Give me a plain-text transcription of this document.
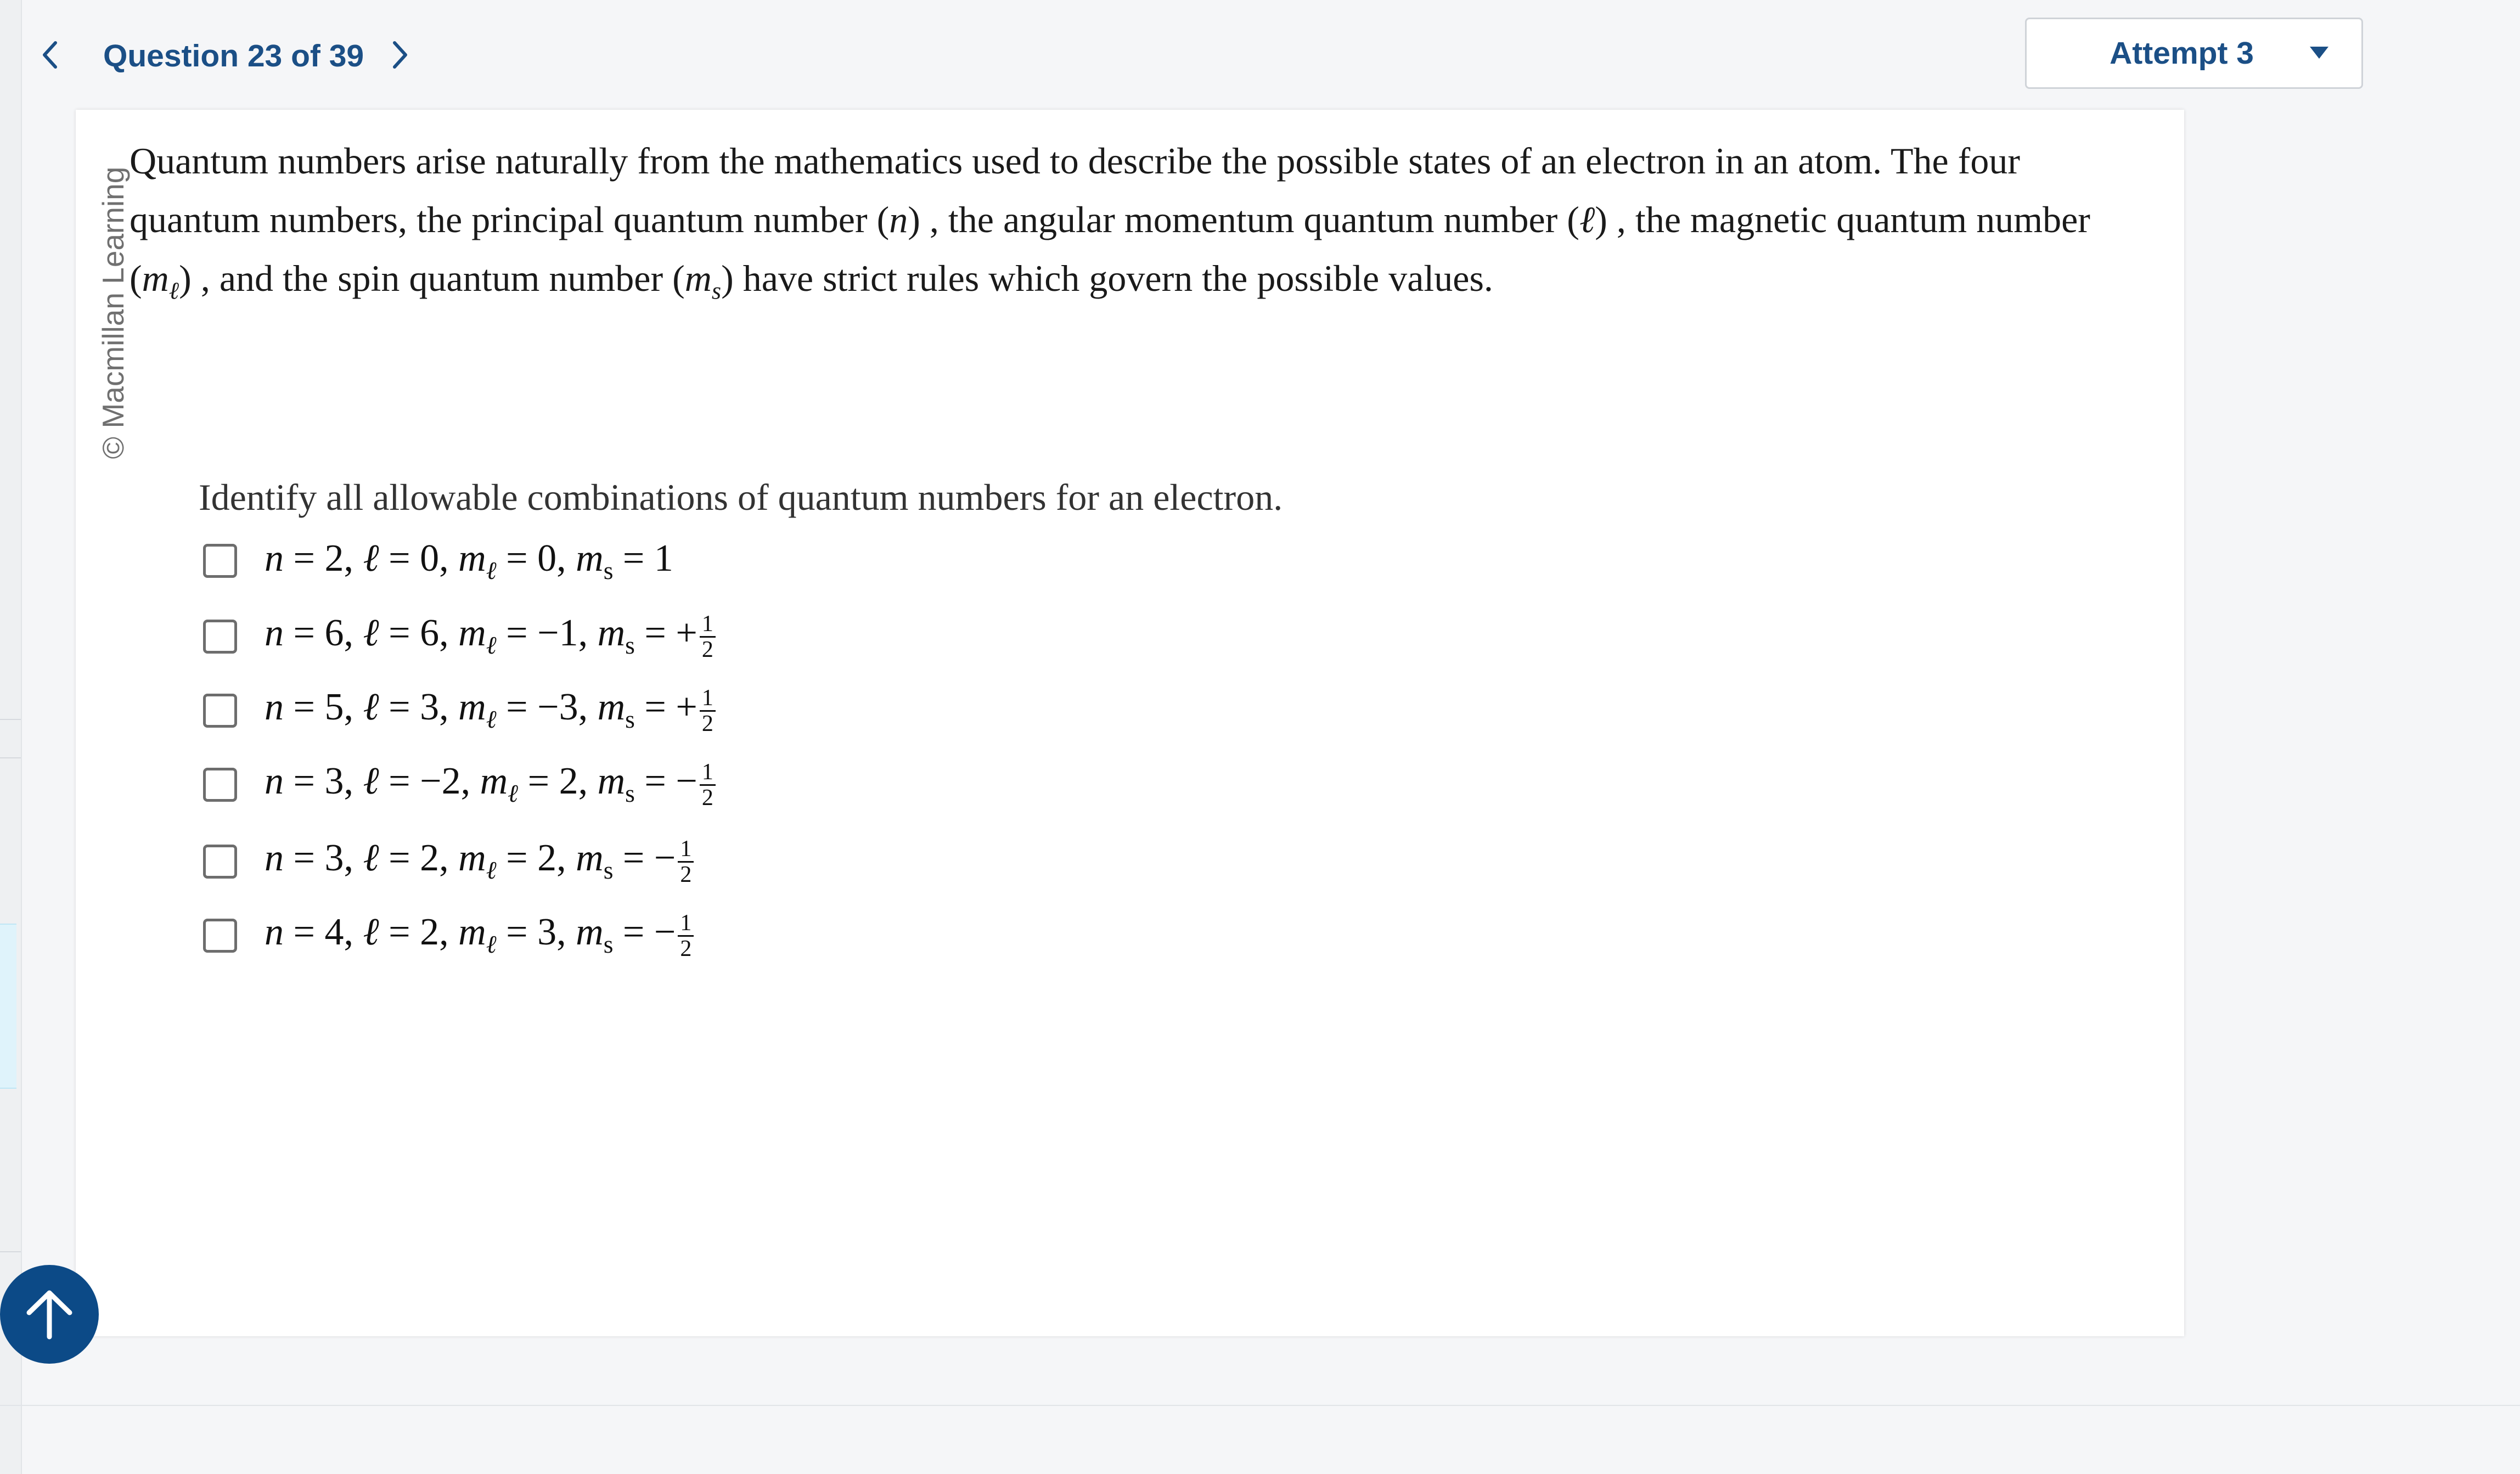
Question 23 of 39	Attempt 3
© Macmillan Learning
Quantum numbers arise naturally from the mathematics used to describe the possible states of an electron in an atom. The four quantum numbers, the principal quantum number (n) , the angular momentum quantum number (ℓ) , the magnetic quantum number $(m_\ell)$ , and the spin quantum number $(m_s)$ have strict rules which govern the possible values.
Identify all allowable combinations of quantum numbers for an electron.
n = 2, ℓ = 0, $m_\ell = 0$, $m_s = 1$
n = 6, ℓ = 6, $m_\ell = -1$, $m_s$ = + $\frac{1}{2}$
n = 5, ℓ = 3, $m_\ell = -3$, $m_s$ = + $\frac{1}{2}$
n = 3, ℓ = −2, $m_\ell = 2$, $m_s$ = − $\frac{1}{2}$
n = 3, ℓ = 2, $m_\ell = 2$, $m_s$ = − $\frac{1}{2}$
n = 4, ℓ = 2, $m_\ell = 3$, $m_s$ = − $\frac{1}{2}$
